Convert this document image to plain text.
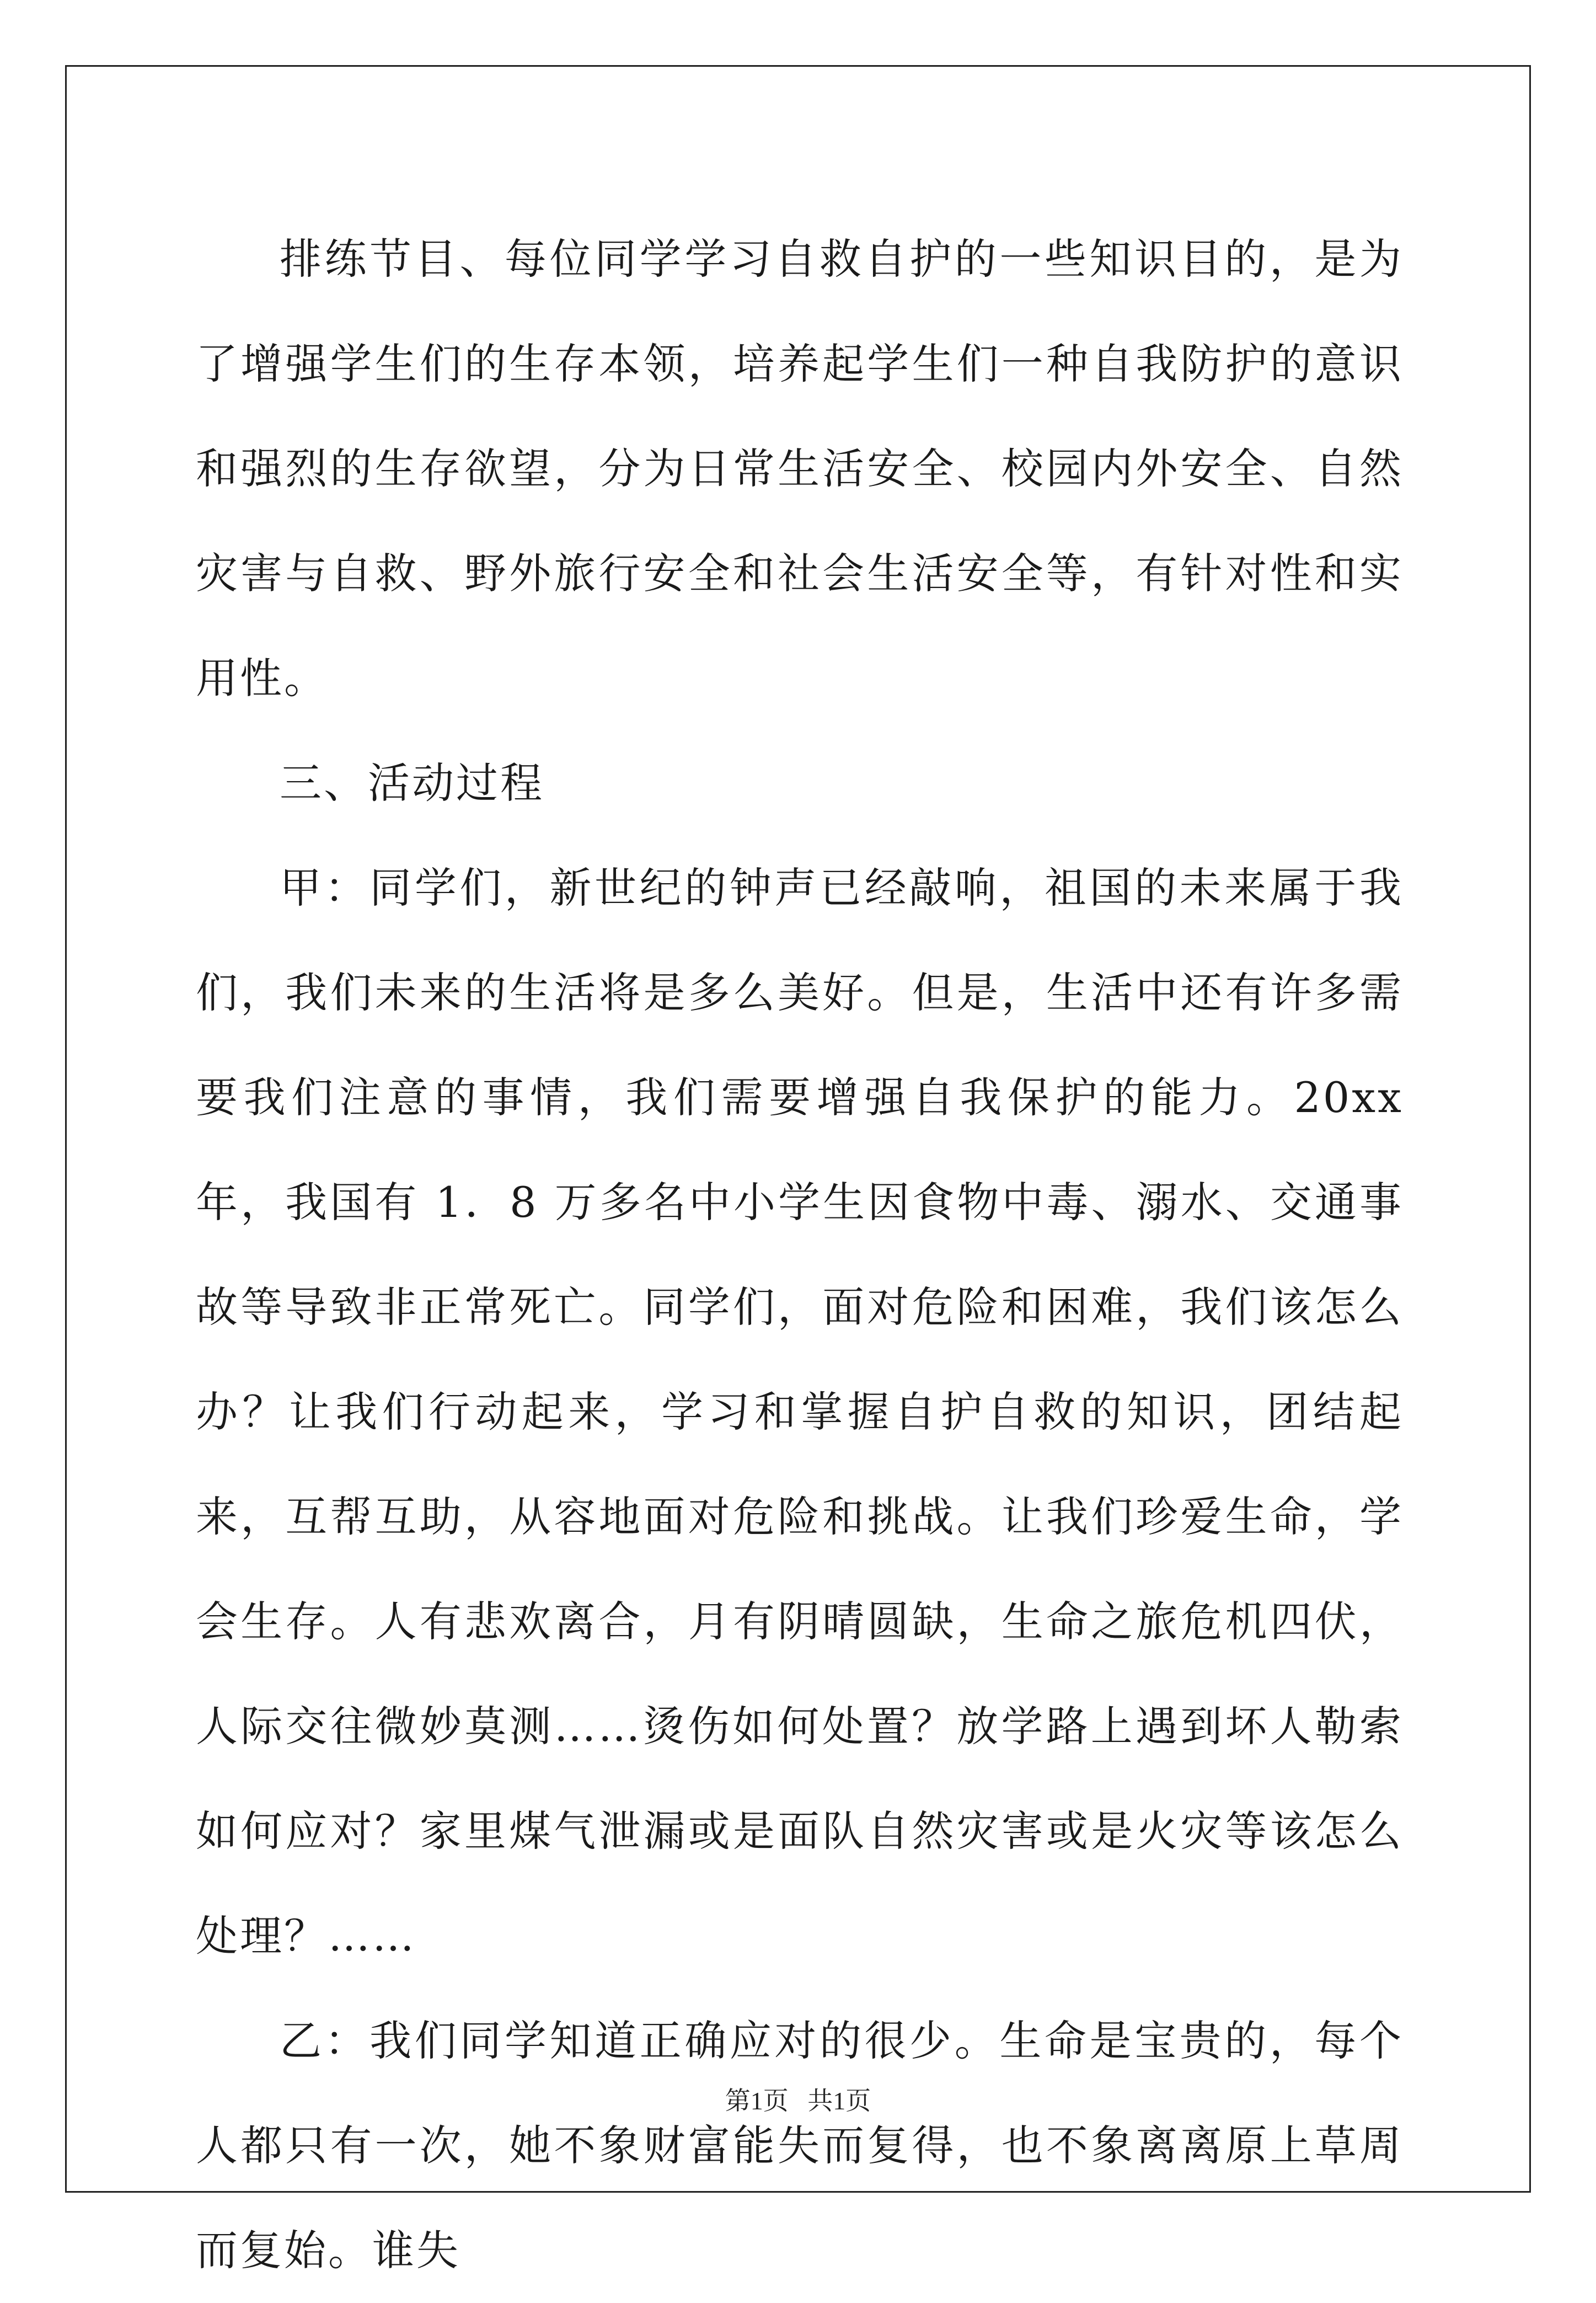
排练节目、每位同学学习自救自护的一些知识目的，是为了增强学生们的生存本领，培养起学生们一种自我防护的意识和强烈的生存欲望，分为日常生活安全、校园内外安全、自然灾害与自救、野外旅行安全和社会生活安全等，有针对性和实用性。

三、活动过程

甲：同学们，新世纪的钟声已经敲响，祖国的未来属于我们，我们未来的生活将是多么美好。但是，生活中还有许多需要我们注意的事情，我们需要增强自我保护的能力。20xx 年，我国有 1．8 万多名中小学生因食物中毒、溺水、交通事故等导致非正常死亡。同学们，面对危险和困难，我们该怎么办？让我们行动起来，学习和掌握自护自救的知识，团结起来，互帮互助，从容地面对危险和挑战。让我们珍爱生命，学会生存。人有悲欢离合，月有阴晴圆缺，生命之旅危机四伏，人际交往微妙莫测……烫伤如何处置？放学路上遇到坏人勒索如何应对？家里煤气泄漏或是面队自然灾害或是火灾等该怎么处理？……

乙：我们同学知道正确应对的很少。生命是宝贵的，每个人都只有一次，她不象财富能失而复得，也不象离离原上草周而复始。谁失

第1页   共1页
